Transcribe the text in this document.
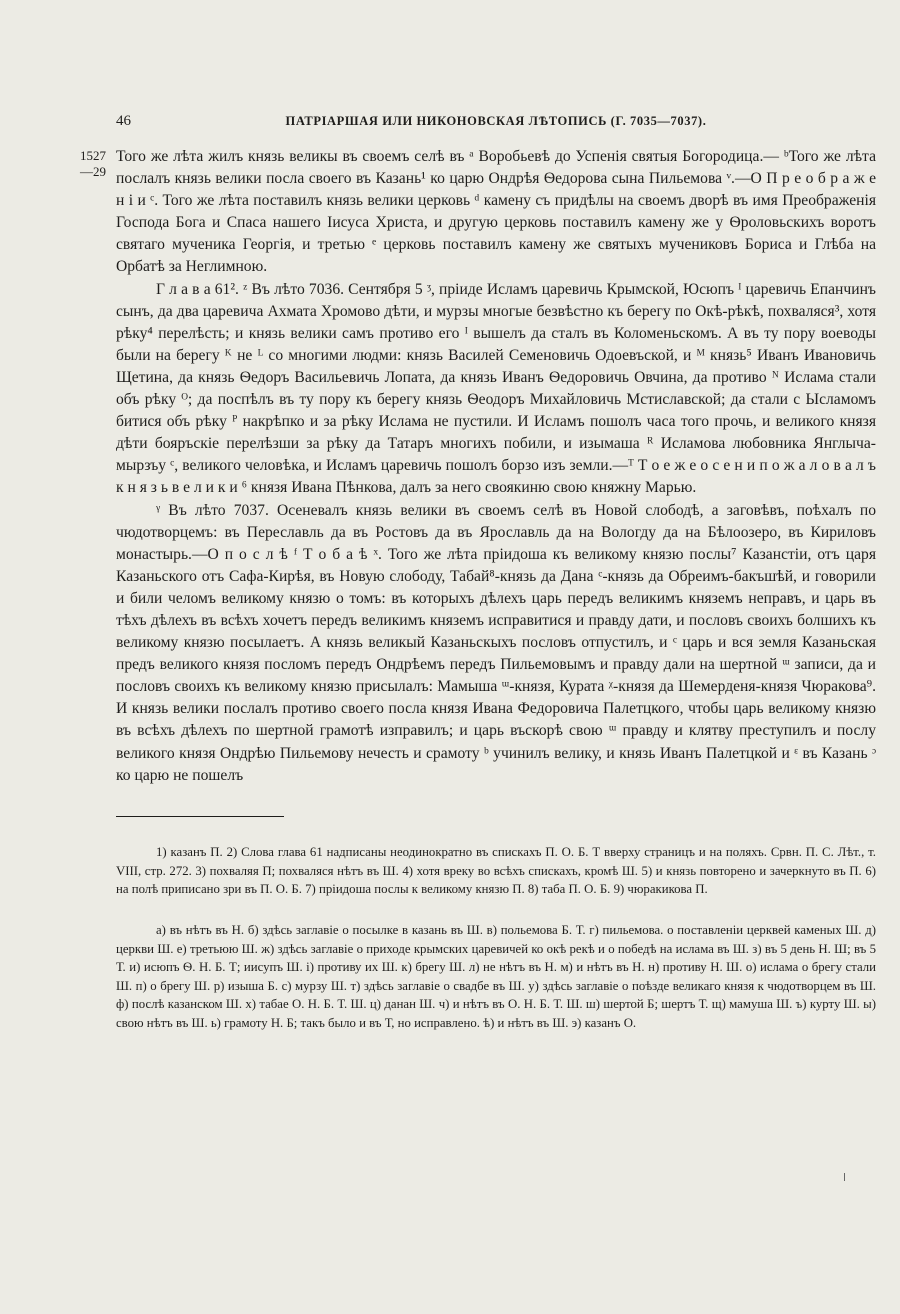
46	ПАТРІАРШАЯ ИЛИ НИКОНОВСКАЯ ЛѢТОПИСЬ (Г. 7035—7037).
1527
—29

Того же лѣта жилъ князь великы въ своемъ селѣ въ ᵃ Воробьевѣ до Успенія святыя Богородица.— ᵇТого же лѣта послалъ князь велики посла своего въ Казань¹ ко царю Ондрѣя Ѳедорова сына Пильемова ᵛ.—О П р е о б р а ж е н і и ᶜ. Того же лѣта поставилъ князь велики церковь ᵈ камену съ придѣлы на своемъ дворѣ въ имя Преображенія Господа Бога и Спаса нашего Іисуса Христа, и другую церковь поставилъ камену же у Ѳроловьскихъ воротъ святаго мученика Георгія, и третью ᵉ церковь поставилъ камену же святыхъ мучениковъ Бориса и Глѣба на Орбатѣ за Неглимною.

Г л а в а 61². ᶻ Въ лѣто 7036. Сентября 5 ᶾ, пріиде Исламъ царевичь Крымской, Юсюпъ ᴵ царевичь Епанчинъ сынъ, да два царевича Ахмата Хромово дѣти, и мурзы многые безвѣстно къ берегу по Окѣ-рѣкѣ, похваляся³, хотя рѣку⁴ перелѣсть; и князь велики самъ противо его ᴵ вышелъ да сталъ въ Коломеньскомъ. А въ ту пору воеводы были на берегу ᴷ не ᴸ со многими людми: князь Василей Семеновичь Одоевъской, и ᴹ князь⁵ Иванъ Ивановичь Щетина, да князь Ѳедоръ Васильевичь Лопата, да князь Иванъ Ѳедоровичь Овчина, да противо ᴺ Ислама стали объ рѣку ᴼ; да поспѣлъ въ ту пору къ берегу князь Ѳеодоръ Михайловичь Мстиславской; да стали с Ысламомъ битися объ рѣку ᴾ накрѣпко и за рѣку Ислама не пустили. И Исламъ пошолъ часа того прочь, и великого князя дѣти бояръскіе перелѣзши за рѣку да Татаръ многихъ побили, и изымаша ᴿ Исламова любовника Янглыча-мырзъу ᶜ, великого человѣка, и Исламъ царевичь пошолъ борзо изъ земли.—ᵀ Т о е ж е о с е н и п о ж а л о в а л ъ к н я з ь в е л и к и ⁶ князя Ивана Пѣнкова, далъ за него своякиню свою княжну Марью.

ᵞ Въ лѣто 7037. Осеневалъ князь велики въ своемъ селѣ въ Новой слободѣ, а заговѣвъ, поѣхалъ по чюдотворцемъ: въ Переславль да въ Ростовъ да въ Ярославль да на Вологду да на Бѣлоозеро, въ Кириловъ монастырь.—О п о с л ѣ ᶠ Т о б а ѣ ˣ. Того же лѣта пріидоша къ великому князю послы⁷ Казанстіи, отъ царя Казаньского отъ Сафа-Кирѣя, въ Новую слободу, Табай⁸-князь да Дана ᶜ-князь да Обреимъ-бакъшѣй, и говорили и били челомъ великому князю о томъ: въ которыхъ дѣлехъ царь передъ великимъ княземъ неправъ, и царь въ тѣхъ дѣлехъ въ всѣхъ хочетъ передъ великимъ княземъ исправитися и правду дати, и пословъ своихъ болшихъ къ великому князю посылаетъ. А князь великый Казаньскыхъ пословъ отпустилъ, и ᶜ царь и вся земля Казаньская предъ великого князя посломъ передъ Ондрѣемъ передъ Пильемовымъ и правду дали на шертной ᵚ записи, да и пословъ своихъ къ великому князю присылалъ: Мамыша ᵚ-князя, Курата ᵡ-князя да Шемерденя-князя Чюракова⁹. И князь велики послалъ противо своего посла князя Ивана Федоровича Палетцкого, чтобы царь великому князю въ всѣхъ дѣлехъ по шертной грамотѣ изправилъ; и царь въскорѣ свою ᵚ правду и клятву преступилъ и послу великого князя Ондрѣю Пильемову нечесть и срамоту ᵇ учинилъ велику, и князь Иванъ Палетцкой и ᵋ въ Казань ᵓ ко царю не пошелъ

1) казанъ П. 2) Слова глава 61 надписаны неодинократно въ спискахъ П. О. Б. Т вверху страницъ и на поляхъ. Срвн. П. С. Лѣт., т. VIII, стр. 272. 3) похваляя П; похваляся нѣтъ въ Ш. 4) хотя вреку во всѣхъ спискахъ, кромѣ Ш. 5) и князь повторено и зачеркнуто въ П. 6) на полѣ приписано зри въ П. О. Б. 7) пріидоша послы к великому князю П. 8) таба П. О. Б. 9) чюракикова П.
а) въ нѣтъ въ Н. б) здѣсь заглавіе о посылке в казань въ Ш. в) польемова Б. Т. г) пильемова. о поставленіи церквей каменых Ш. д) церкви Ш. е) третьюю Ш. ж) здѣсь заглавіе о приходе крымских царевичей ко окѣ рекѣ и о победѣ на ислама въ Ш. з) въ 5 день Н. Ш; въ 5 Т. и) исюпъ Ѳ. Н. Б. Т; иисупъ Ш. і) противу их Ш. к) брегу Ш. л) не нѣтъ въ Н. м) и нѣтъ въ Н. н) противу Н. Ш. о) ислама о брегу стали Ш. п) о брегу Ш. р) изыша Б. с) мурзу Ш. т) здѣсь заглавіе о свадбе въ Ш. у) здѣсь заглавіе о поѣзде великаго князя к чюдотворцем въ Ш. ф) послѣ казанском Ш. х) табае О. Н. Б. Т. Ш. ц) данан Ш. ч) и нѣтъ въ О. Н. Б. Т. Ш. ш) шертой Б; шертъ Т. щ) мамуша Ш. ъ) курту Ш. ы) свою нѣтъ въ Ш. ь) грамоту Н. Б; такъ было и въ Т, но исправлено. ѣ) и нѣтъ въ Ш. э) казанъ О.
